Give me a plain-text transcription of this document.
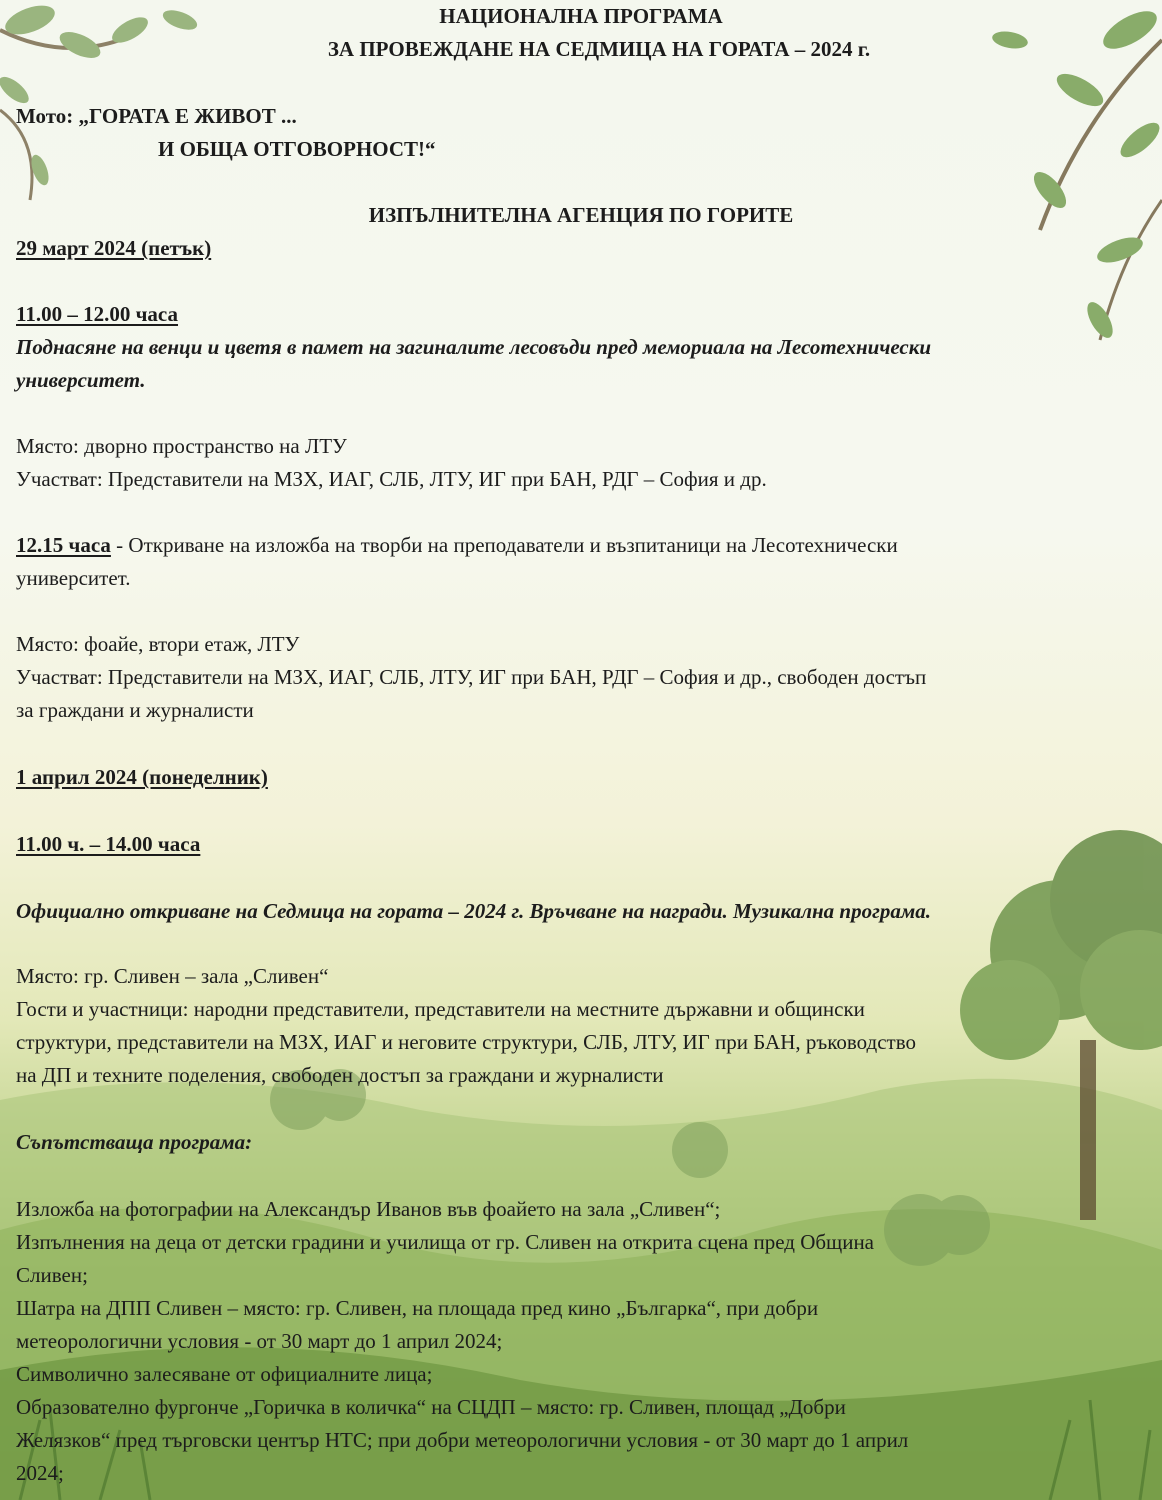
НАЦИОНАЛНА ПРОГРАМА
ЗА ПРОВЕЖДАНЕ НА СЕДМИЦА НА ГОРАТА – 2024 г.
Мото: „ГОРАТА Е ЖИВОТ ...
И ОБЩА ОТГОВОРНОСТ!“
ИЗПЪЛНИТЕЛНА АГЕНЦИЯ ПО ГОРИТЕ
29 март 2024 (петък)
11.00 – 12.00 часа
Поднасяне на венци и цветя в памет на загиналите лесовъди пред мемориала на Лесотехнически
университет.
Място: дворно пространство на ЛТУ
Участват: Представители на МЗХ, ИАГ, СЛБ, ЛТУ, ИГ при БАН, РДГ – София и др.
12.15 часа - Откриване на изложба на творби на преподаватели и възпитаници на Лесотехнически
университет.
Място: фоайе, втори етаж, ЛТУ
Участват: Представители на МЗХ, ИАГ, СЛБ, ЛТУ, ИГ при БАН, РДГ – София и др., свободен достъп
за граждани и журналисти
1 април 2024 (понеделник)
11.00 ч. – 14.00 часа
Официално откриване на Седмица на гората – 2024 г. Връчване на награди. Музикална програма.
Място: гр. Сливен – зала „Сливен“
Гости и участници: народни представители, представители на местните държавни и общински
структури, представители на МЗХ, ИАГ и неговите структури, СЛБ, ЛТУ, ИГ при БАН, ръководство
на ДП и техните поделения, свободен достъп за граждани и журналисти
Съпътстваща програма:
Изложба на фотографии на Александър Иванов във фоайето на зала „Сливен“;
Изпълнения на деца от детски градини и училища от гр. Сливен на открита сцена пред Община
Сливен;
Шатра на ДПП Сливен – място: гр. Сливен, на площада пред кино „Българка“, при добри
метеорологични условия - от 30 март до 1 април 2024;
Символично залесяване от официалните лица;
Образователно фургонче „Горичка в количка“ на СЦДП – място: гр. Сливен, площад „Добри
Желязков“ пред търговски център НТС; при добри метеорологични условия - от 30 март до 1 април
2024;
